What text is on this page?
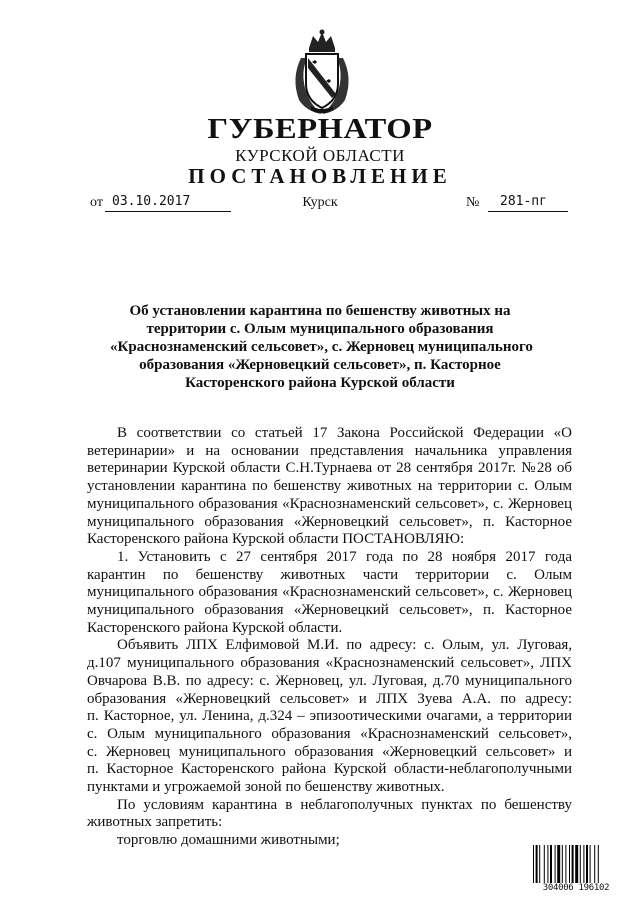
ГУБЕРНАТОР
КУРСКОЙ ОБЛАСТИ
ПОСТАНОВЛЕНИЕ
от 03.10.2017	Курск	№ 281-пг
Об установлении карантина по бешенству животных на
территории с. Олым муниципального образования
«Краснознаменский сельсовет», с. Жерновец муниципального
образования «Жерновецкий сельсовет», п. Касторное
Касторенского района Курской области
В соответствии со статьей 17 Закона Российской Федерации «О
ветеринарии» и на основании представления начальника управления
ветеринарии Курской области С.Н.Турнаева от 28 сентября 2017г. №28 об
установлении карантина по бешенству животных на территории с. Олым
муниципального образования «Краснознаменский сельсовет», с. Жерновец
муниципального образования «Жерновецкий сельсовет», п. Касторное
Касторенского района Курской области ПОСТАНОВЛЯЮ:
1. Установить с 27 сентября 2017 года по 28 ноября 2017 года
карантин по бешенству животных части территории с. Олым
муниципального образования «Краснознаменский сельсовет», с. Жерновец
муниципального образования «Жерновецкий сельсовет», п. Касторное
Касторенского района Курской области.
Объявить ЛПХ Елфимовой М.И. по адресу: с. Олым, ул. Луговая,
д.107 муниципального образования «Краснознаменский сельсовет», ЛПХ
Овчарова В.В. по адресу: с. Жерновец, ул. Луговая, д.70 муниципального
образования «Жерновецкий сельсовет» и ЛПХ Зуева А.А. по адресу:
п. Касторное, ул. Ленина, д.324 – эпизоотическими очагами, а территории
с. Олым муниципального образования «Краснознаменский сельсовет»,
с. Жерновец муниципального образования «Жерновецкий сельсовет» и
п. Касторное Касторенского района Курской области-неблагополучными
пунктами и угрожаемой зоной по бешенству животных.
По условиям карантина в неблагополучных пунктах по бешенству
животных запретить:
торговлю домашними животными;
304006 196102
